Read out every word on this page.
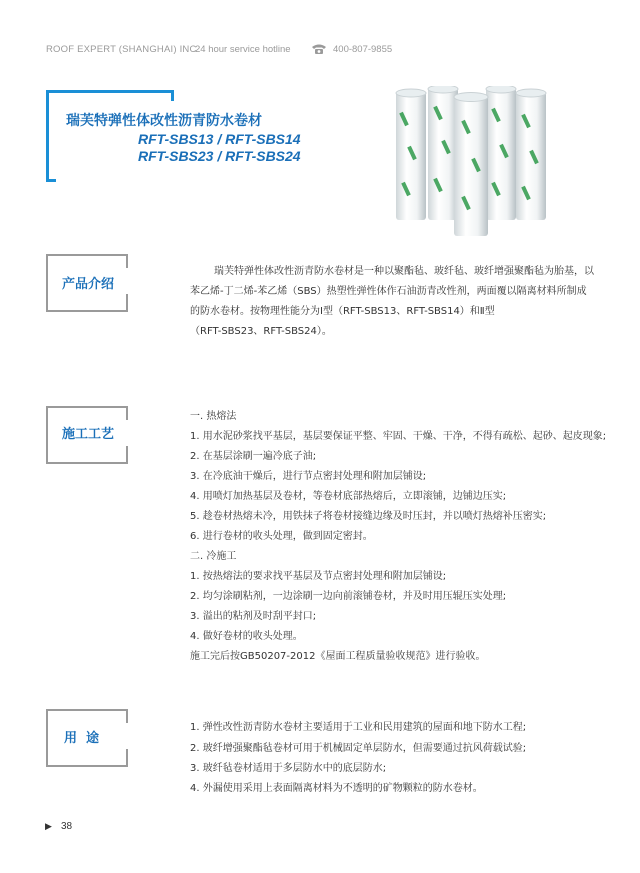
ROOF EXPERT (SHANGHAI) INC
24 hour service hotline	400-807-9855
瑞芙特弹性体改性沥青防水卷材
RFT-SBS13 / RFT-SBS14
RFT-SBS23 / RFT-SBS24
产品介绍
瑞芙特弹性体改性沥青防水卷材是一种以聚酯毡、玻纤毡、玻纤增强聚酯毡为胎基，以
苯乙烯-丁二烯-苯乙烯（SBS）热塑性弹性体作石油沥青改性剂，两面覆以隔离材料所制成
的防水卷材。按物理性能分为Ⅰ型（RFT-SBS13、RFT-SBS14）和Ⅱ型
（RFT-SBS23、RFT-SBS24）。
施工工艺
一. 热熔法
1. 用水泥砂浆找平基层，基层要保证平整、牢固、干燥、干净，不得有疏松、起砂、起皮现象;
2. 在基层涂刷一遍冷底子油;
3. 在冷底油干燥后，进行节点密封处理和附加层铺设;
4. 用喷灯加热基层及卷材，等卷材底部热熔后，立即滚铺，边铺边压实;
5. 趁卷材热熔未冷，用铁抹子将卷材接缝边缘及时压封，并以喷灯热熔补压密实;
6. 进行卷材的收头处理，做到固定密封。
二. 冷施工
1. 按热熔法的要求找平基层及节点密封处理和附加层铺设;
2. 均匀涂刷粘剂，一边涂刷一边向前滚铺卷材，并及时用压辊压实处理;
3. 溢出的粘剂及时刮平封口;
4. 做好卷材的收头处理。
施工完后按GB50207-2012《屋面工程质量验收规范》进行验收。
用  途
1. 弹性改性沥青防水卷材主要适用于工业和民用建筑的屋面和地下防水工程;
2. 玻纤增强聚酯毡卷材可用于机械固定单层防水，但需要通过抗风荷载试验;
3. 玻纤毡卷材适用于多层防水中的底层防水;
4. 外漏使用采用上表面隔离材料为不透明的矿物颗粒的防水卷材。
▶ 38
